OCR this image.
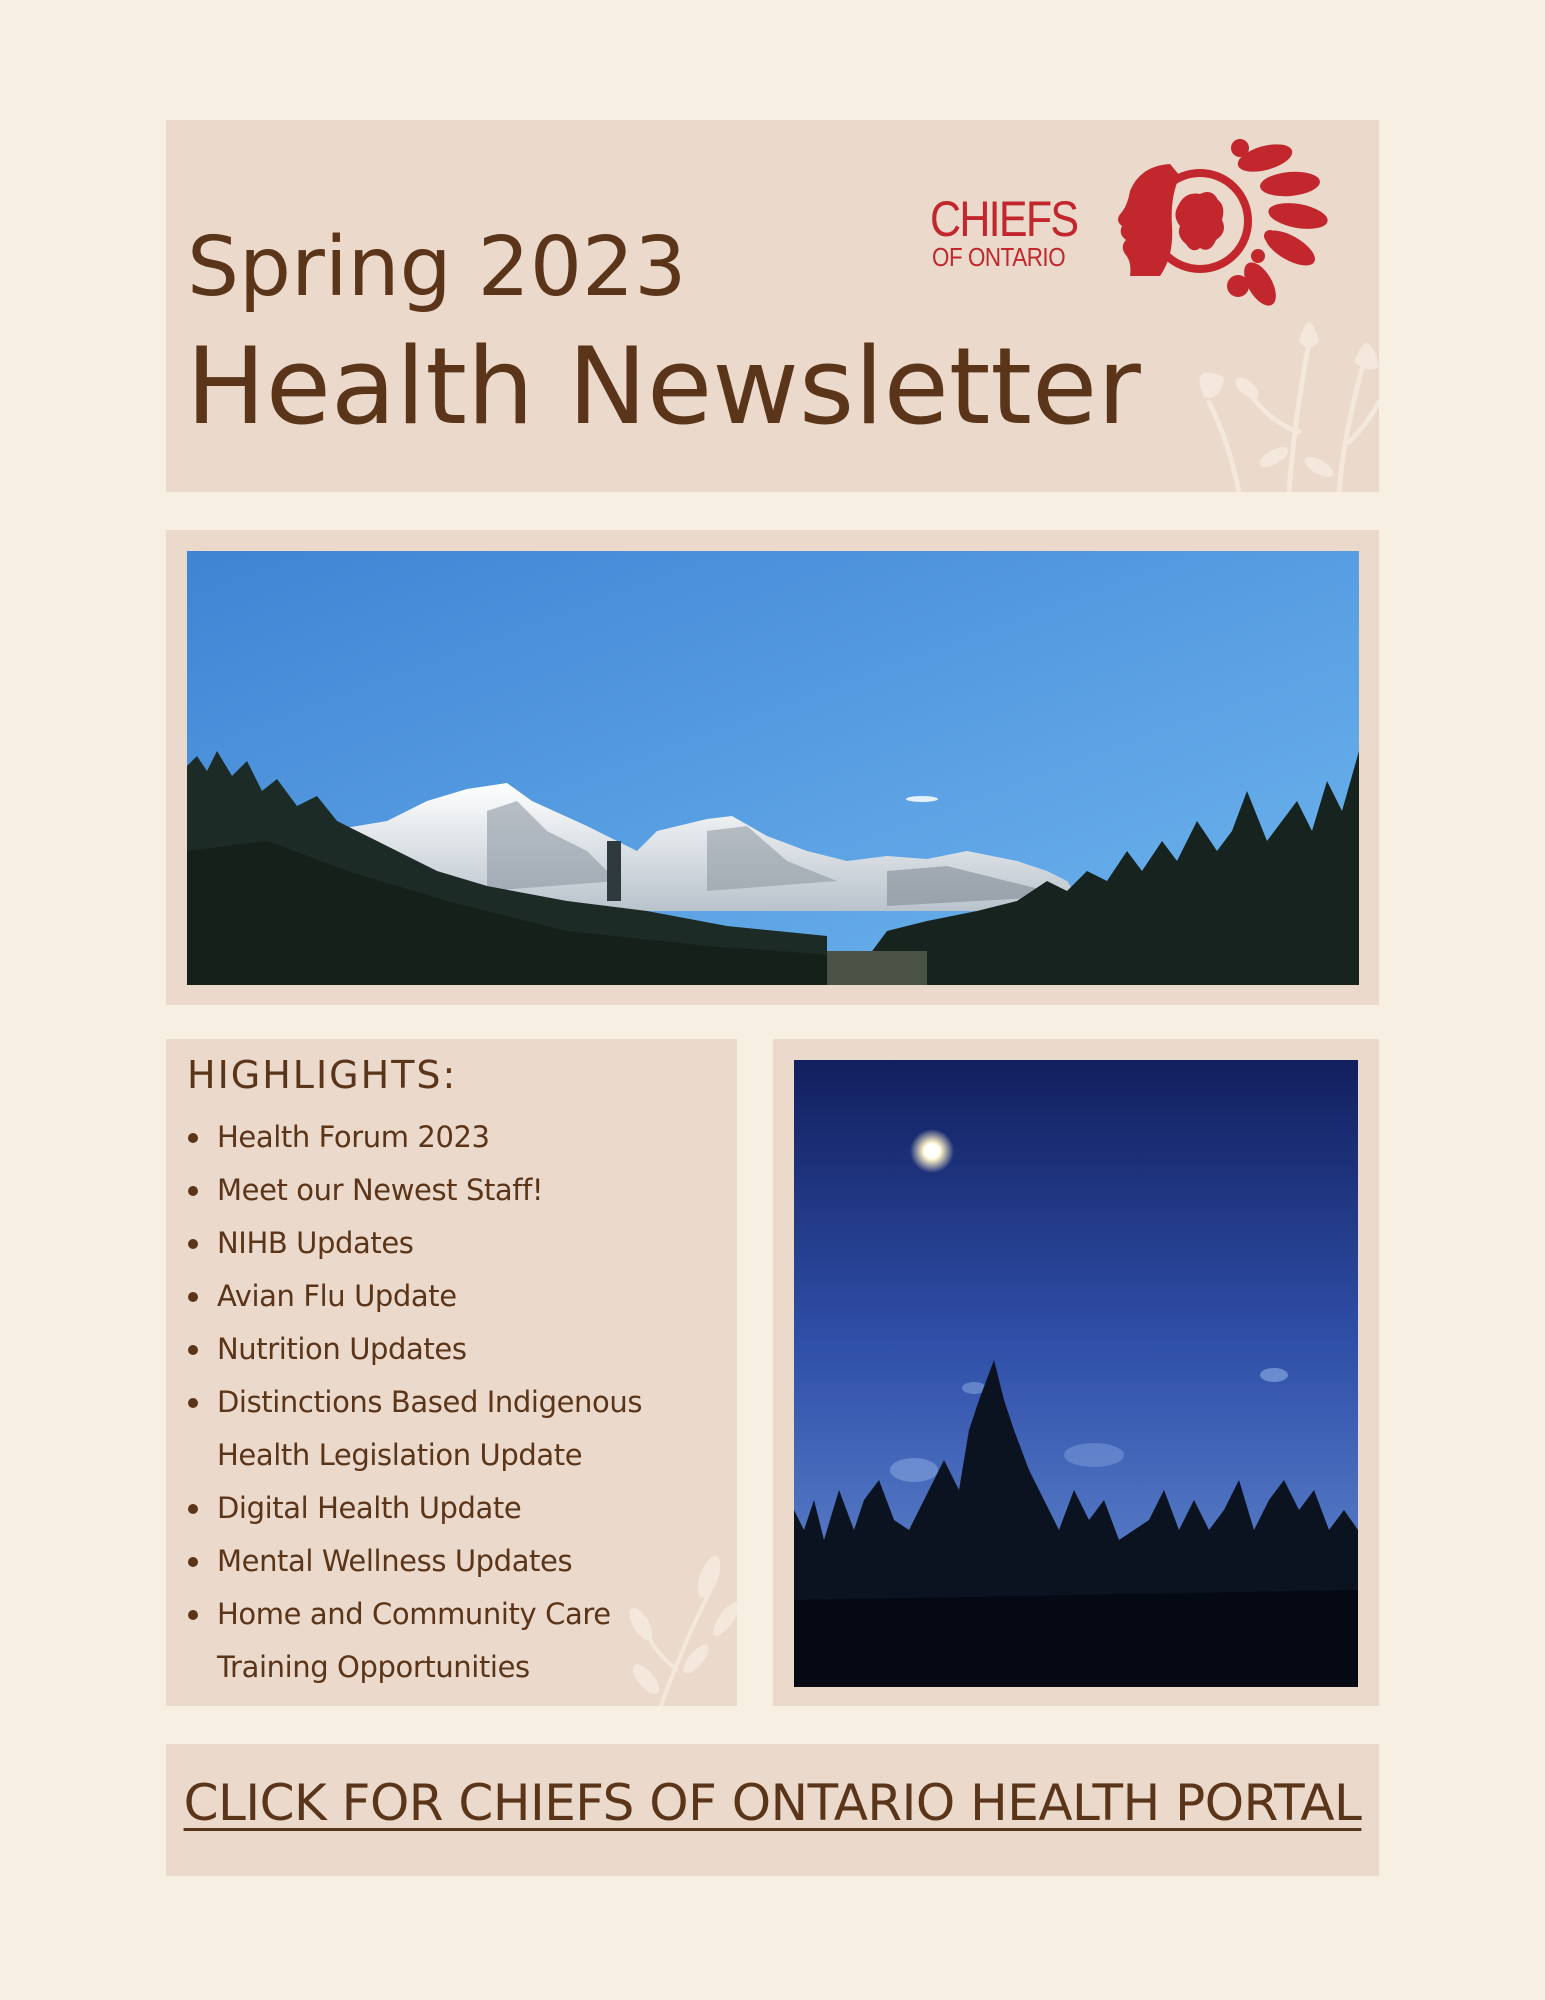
Spring 2023
Health Newsletter
CHIEFS
OF ONTARIO
HIGHLIGHTS:
Health Forum 2023
Meet our Newest Staff!
NIHB Updates
Avian Flu Update
Nutrition Updates
Distinctions Based Indigenous Health Legislation Update
Digital Health Update
Mental Wellness Updates
Home and Community Care Training Opportunities
CLICK FOR CHIEFS OF ONTARIO HEALTH PORTAL
